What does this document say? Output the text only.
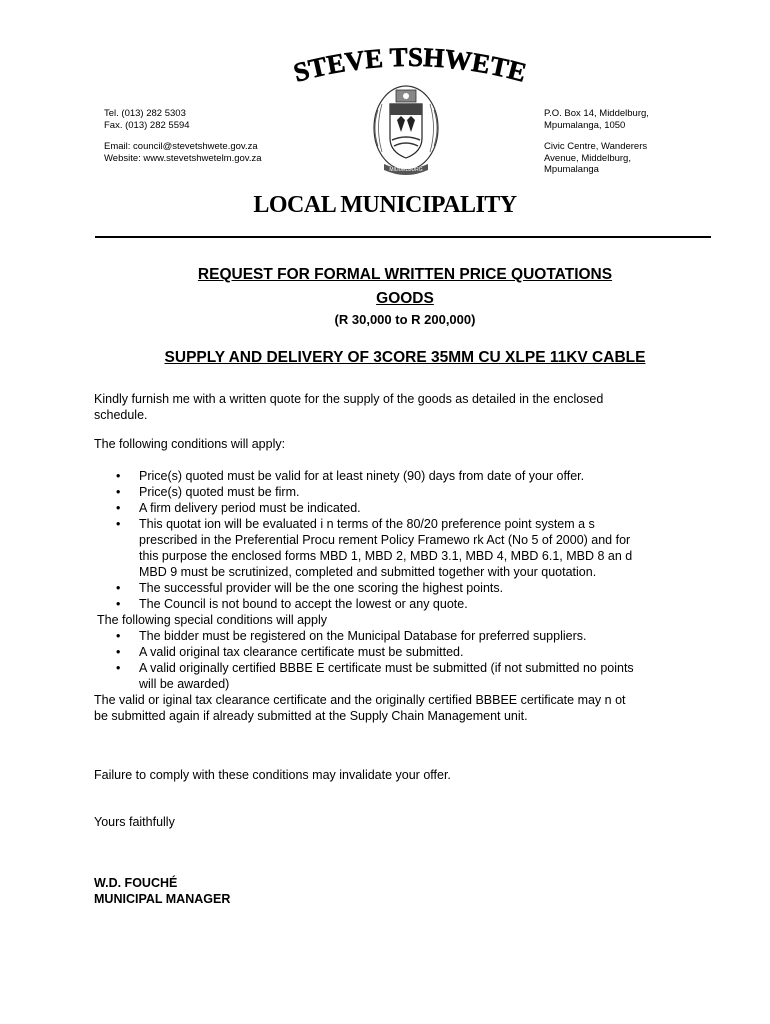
STEVE TSHWETE
Tel. (013) 282 5303
Fax. (013) 282 5594
Email: council@stevetshwete.gov.za
Website: www.stevetshwetelm.gov.za
MIDDELBURG
P.O. Box 14, Middelburg,
Mpumalanga, 1050
Civic Centre, Wanderers
Avenue, Middelburg,
Mpumalanga
LOCAL MUNICIPALITY
REQUEST FOR FORMAL WRITTEN PRICE QUOTATIONS
GOODS
(R 30,000 to R 200,000)
SUPPLY AND DELIVERY OF 3CORE 35MM CU XLPE 11KV CABLE
Kindly furnish me with a written quote for the supply of the goods as detailed in the enclosed
schedule.
The following conditions will apply:
• Price(s) quoted must be valid for at least ninety (90) days from date of your offer.
• Price(s) quoted must be firm.
• A firm delivery period must be indicated.
• This quotat ion will be evaluated i n terms of the 80/20 preference point system a s
prescribed in the Preferential Procu rement Policy Framewo rk Act (No 5 of 2000) and for
this purpose the enclosed forms MBD 1, MBD 2, MBD 3.1, MBD 4, MBD 6.1, MBD 8 an d
MBD 9 must be scrutinized, completed and submitted together with your quotation.
• The successful provider will be the one scoring the highest points.
• The Council is not bound to accept the lowest or any quote.
The following special conditions will apply
• The bidder must be registered on the Municipal Database for preferred suppliers.
• A valid original tax clearance certificate must be submitted.
• A valid originally certified BBBE E certificate must be submitted (if not submitted no points
will be awarded)
The valid or iginal tax clearance certificate and the originally certified BBBEE certificate may n ot
be submitted again if already submitted at the Supply Chain Management unit.
Failure to comply with these conditions may invalidate your offer.
Yours faithfully
W.D. FOUCHÉ
MUNICIPAL MANAGER
